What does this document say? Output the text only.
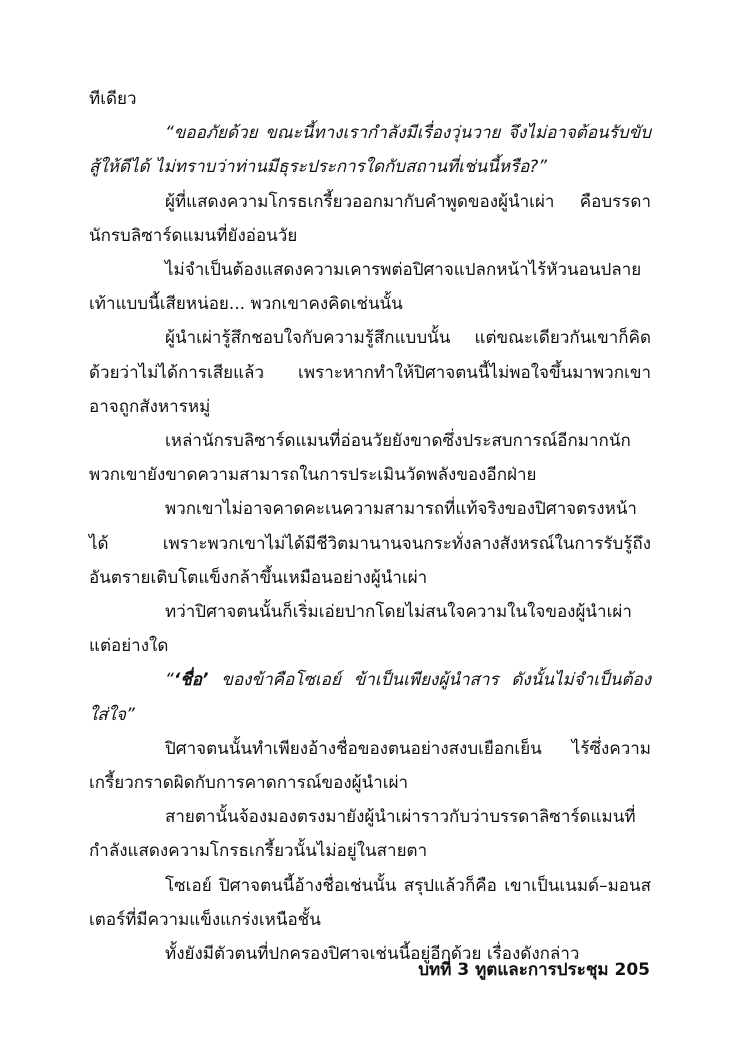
ทีเดียว

“ขออภัยด้วย ขณะนี้ทางเรากำลังมีเรื่องวุ่นวาย จึงไม่อาจต้อนรับขับสู้ให้ดีได้ ไม่ทราบว่าท่านมีธุระประการใดกับสถานที่เช่นนี้หรือ?”

ผู้ที่แสดงความโกรธเกรี้ยวออกมากับคำพูดของผู้นำเผ่า คือบรรดานักรบลิซาร์ดแมนที่ยังอ่อนวัย

ไม่จำเป็นต้องแสดงความเคารพต่อปิศาจแปลกหน้าไร้หัวนอนปลายเท้าแบบนี้เสียหน่อย... พวกเขาคงคิดเช่นนั้น

ผู้นำเผ่ารู้สึกชอบใจกับความรู้สึกแบบนั้น แต่ขณะเดียวกันเขาก็คิดด้วยว่าไม่ได้การเสียแล้ว เพราะหากทำให้ปิศาจตนนี้ไม่พอใจขึ้นมาพวกเขาอาจถูกสังหารหมู่

เหล่านักรบลิซาร์ดแมนที่อ่อนวัยยังขาดซึ่งประสบการณ์อีกมากนักพวกเขายังขาดความสามารถในการประเมินวัดพลังของอีกฝ่าย

พวกเขาไม่อาจคาดคะเนความสามารถที่แท้จริงของปิศาจตรงหน้าได้ เพราะพวกเขาไม่ได้มีชีวิตมานานจนกระทั่งลางสังหรณ์ในการรับรู้ถึงอันตรายเติบโตแข็งกล้าขึ้นเหมือนอย่างผู้นำเผ่า

ทว่าปิศาจตนนั้นก็เริ่มเอ่ยปากโดยไม่สนใจความในใจของผู้นำเผ่าแต่อย่างใด

“‘ชื่อ’ ของข้าคือโซเอย์ ข้าเป็นเพียงผู้นำสาร ดังนั้นไม่จำเป็นต้องใส่ใจ”

ปิศาจตนนั้นทำเพียงอ้างชื่อของตนอย่างสงบเยือกเย็น ไร้ซึ่งความเกรี้ยวกราดผิดกับการคาดการณ์ของผู้นำเผ่า

สายตานั้นจ้องมองตรงมายังผู้นำเผ่าราวกับว่าบรรดาลิซาร์ดแมนที่กำลังแสดงความโกรธเกรี้ยวนั้นไม่อยู่ในสายตา

โซเอย์ ปิศาจตนนี้อ้างชื่อเช่นนั้น สรุปแล้วก็คือ เขาเป็นเนมด์–มอนสเตอร์ที่มีความแข็งแกร่งเหนือชั้น

ทั้งยังมีตัวตนที่ปกครองปิศาจเช่นนี้อยู่อีกด้วย เรื่องดังกล่าว

บทที่ 3 ทูตและการประชุม 205
